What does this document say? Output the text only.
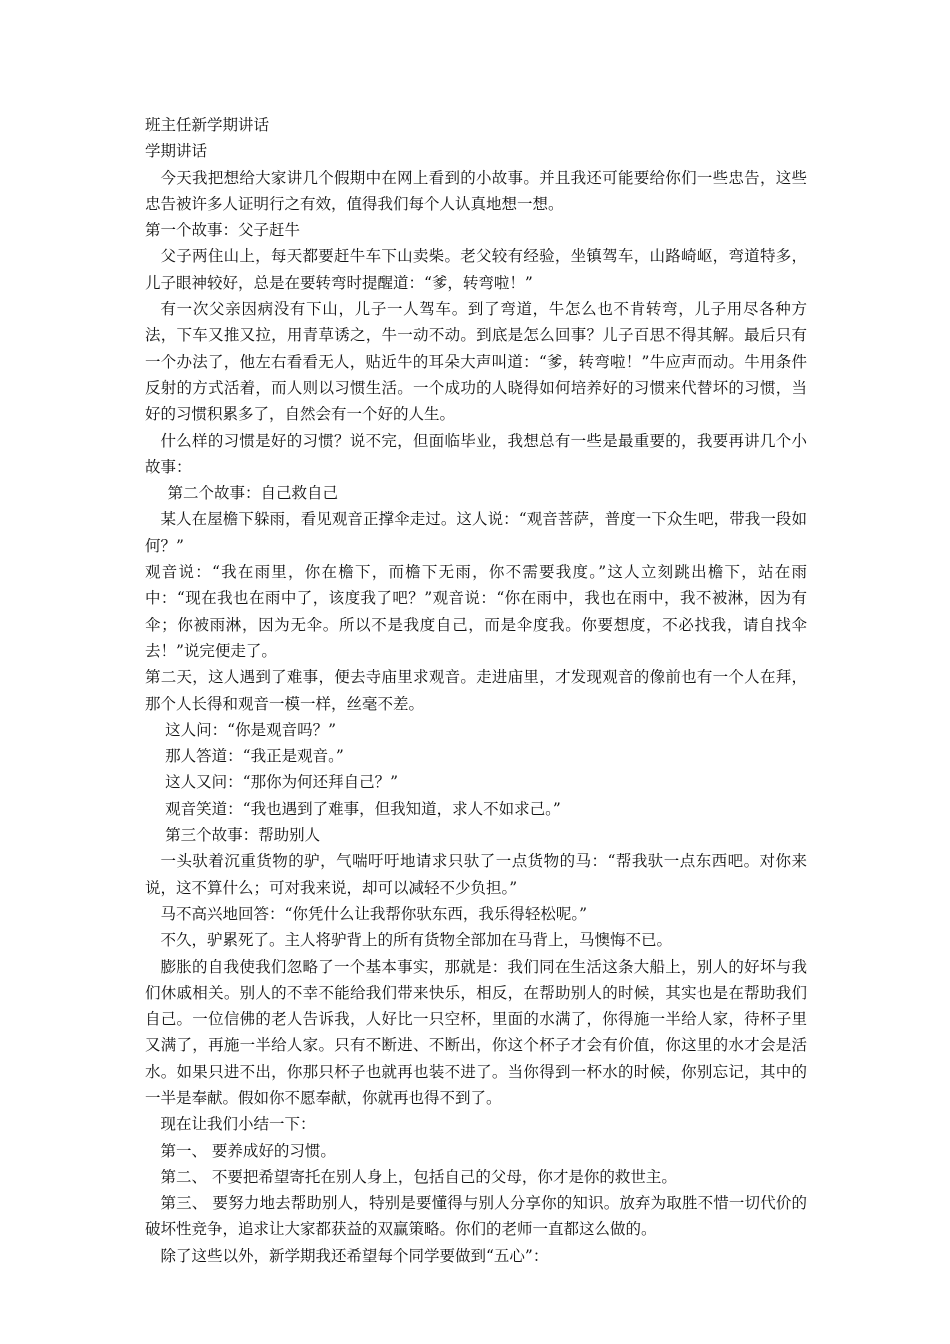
班主任新学期讲话

学期讲话

今天我把想给大家讲几个假期中在网上看到的小故事。并且我还可能要给你们一些忠告，这些忠告被许多人证明行之有效，值得我们每个人认真地想一想。

第一个故事：父子赶牛

父子两住山上，每天都要赶牛车下山卖柴。老父较有经验，坐镇驾车，山路崎岖，弯道特多，儿子眼神较好，总是在要转弯时提醒道：“爹，转弯啦！”

有一次父亲因病没有下山，儿子一人驾车。到了弯道，牛怎么也不肯转弯，儿子用尽各种方法，下车又推又拉，用青草诱之，牛一动不动。到底是怎么回事？儿子百思不得其解。最后只有一个办法了，他左右看看无人，贴近牛的耳朵大声叫道：“爹，转弯啦！”牛应声而动。牛用条件反射的方式活着，而人则以习惯生活。一个成功的人晓得如何培养好的习惯来代替坏的习惯，当好的习惯积累多了，自然会有一个好的人生。

什么样的习惯是好的习惯？说不完，但面临毕业，我想总有一些是最重要的，我要再讲几个小故事：

第二个故事：自己救自己

某人在屋檐下躲雨，看见观音正撑伞走过。这人说：“观音菩萨，普度一下众生吧，带我一段如何？”

观音说：“我在雨里，你在檐下，而檐下无雨，你不需要我度。”这人立刻跳出檐下，站在雨中：“现在我也在雨中了，该度我了吧？”观音说：“你在雨中，我也在雨中，我不被淋，因为有伞；你被雨淋，因为无伞。所以不是我度自己，而是伞度我。你要想度，不必找我，请自找伞去！”说完便走了。

第二天，这人遇到了难事，便去寺庙里求观音。走进庙里，才发现观音的像前也有一个人在拜，那个人长得和观音一模一样，丝毫不差。

这人问：“你是观音吗？”

那人答道：“我正是观音。”

这人又问：“那你为何还拜自己？”

观音笑道：“我也遇到了难事，但我知道，求人不如求己。”

第三个故事：帮助别人

一头驮着沉重货物的驴，气喘吁吁地请求只驮了一点货物的马：“帮我驮一点东西吧。对你来说，这不算什么；可对我来说，却可以减轻不少负担。”

马不高兴地回答：“你凭什么让我帮你驮东西，我乐得轻松呢。”

不久，驴累死了。主人将驴背上的所有货物全部加在马背上，马懊悔不已。

膨胀的自我使我们忽略了一个基本事实，那就是：我们同在生活这条大船上，别人的好坏与我们休戚相关。别人的不幸不能给我们带来快乐，相反，在帮助别人的时候，其实也是在帮助我们自己。一位信佛的老人告诉我，人好比一只空杯，里面的水满了，你得施一半给人家，待杯子里又满了，再施一半给人家。只有不断进、不断出，你这个杯子才会有价值，你这里的水才会是活水。如果只进不出，你那只杯子也就再也装不进了。当你得到一杯水的时候，你别忘记，其中的一半是奉献。假如你不愿奉献，你就再也得不到了。

现在让我们小结一下：

第一、 要养成好的习惯。

第二、 不要把希望寄托在别人身上，包括自己的父母，你才是你的救世主。

第三、 要努力地去帮助别人，特别是要懂得与别人分享你的知识。放弃为取胜不惜一切代价的破坏性竞争，追求让大家都获益的双赢策略。你们的老师一直都这么做的。

除了这些以外，新学期我还希望每个同学要做到“五心”：
